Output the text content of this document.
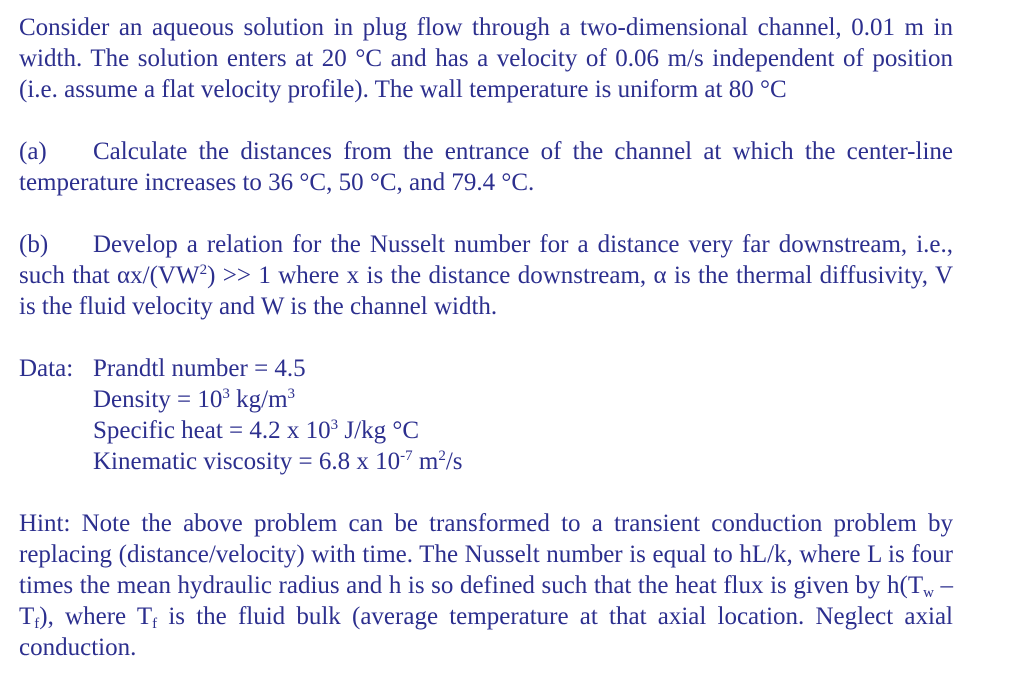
Consider an aqueous solution in plug flow through a two-dimensional channel, 0.01 m in width. The solution enters at 20 °C and has a velocity of 0.06 m/s independent of position (i.e. assume a flat velocity profile). The wall temperature is uniform at 80 °C

(a) Calculate the distances from the entrance of the channel at which the center-line temperature increases to 36 °C, 50 °C, and 79.4 °C.

(b) Develop a relation for the Nusselt number for a distance very far downstream, i.e., such that $\alpha x/(VW^2) >> 1$ where x is the distance downstream, α is the thermal diffusivity, V is the fluid velocity and W is the channel width.

Data: Prandtl number = 4.5
Density = $10^3$ $kg/m^3$
Specific heat = 4.2 x $10^3$ J/kg °C
Kinematic viscosity = 6.8 x $10^{-7}$ $m^2/s$

Hint: Note the above problem can be transformed to a transient conduction problem by replacing (distance/velocity) with time. The Nusselt number is equal to hL/k, where L is four times the mean hydraulic radius and h is so defined such that the heat flux is given by $h(T_w - T_f)$, where $T_f$ is the fluid bulk (average temperature at that axial location. Neglect axial conduction.
